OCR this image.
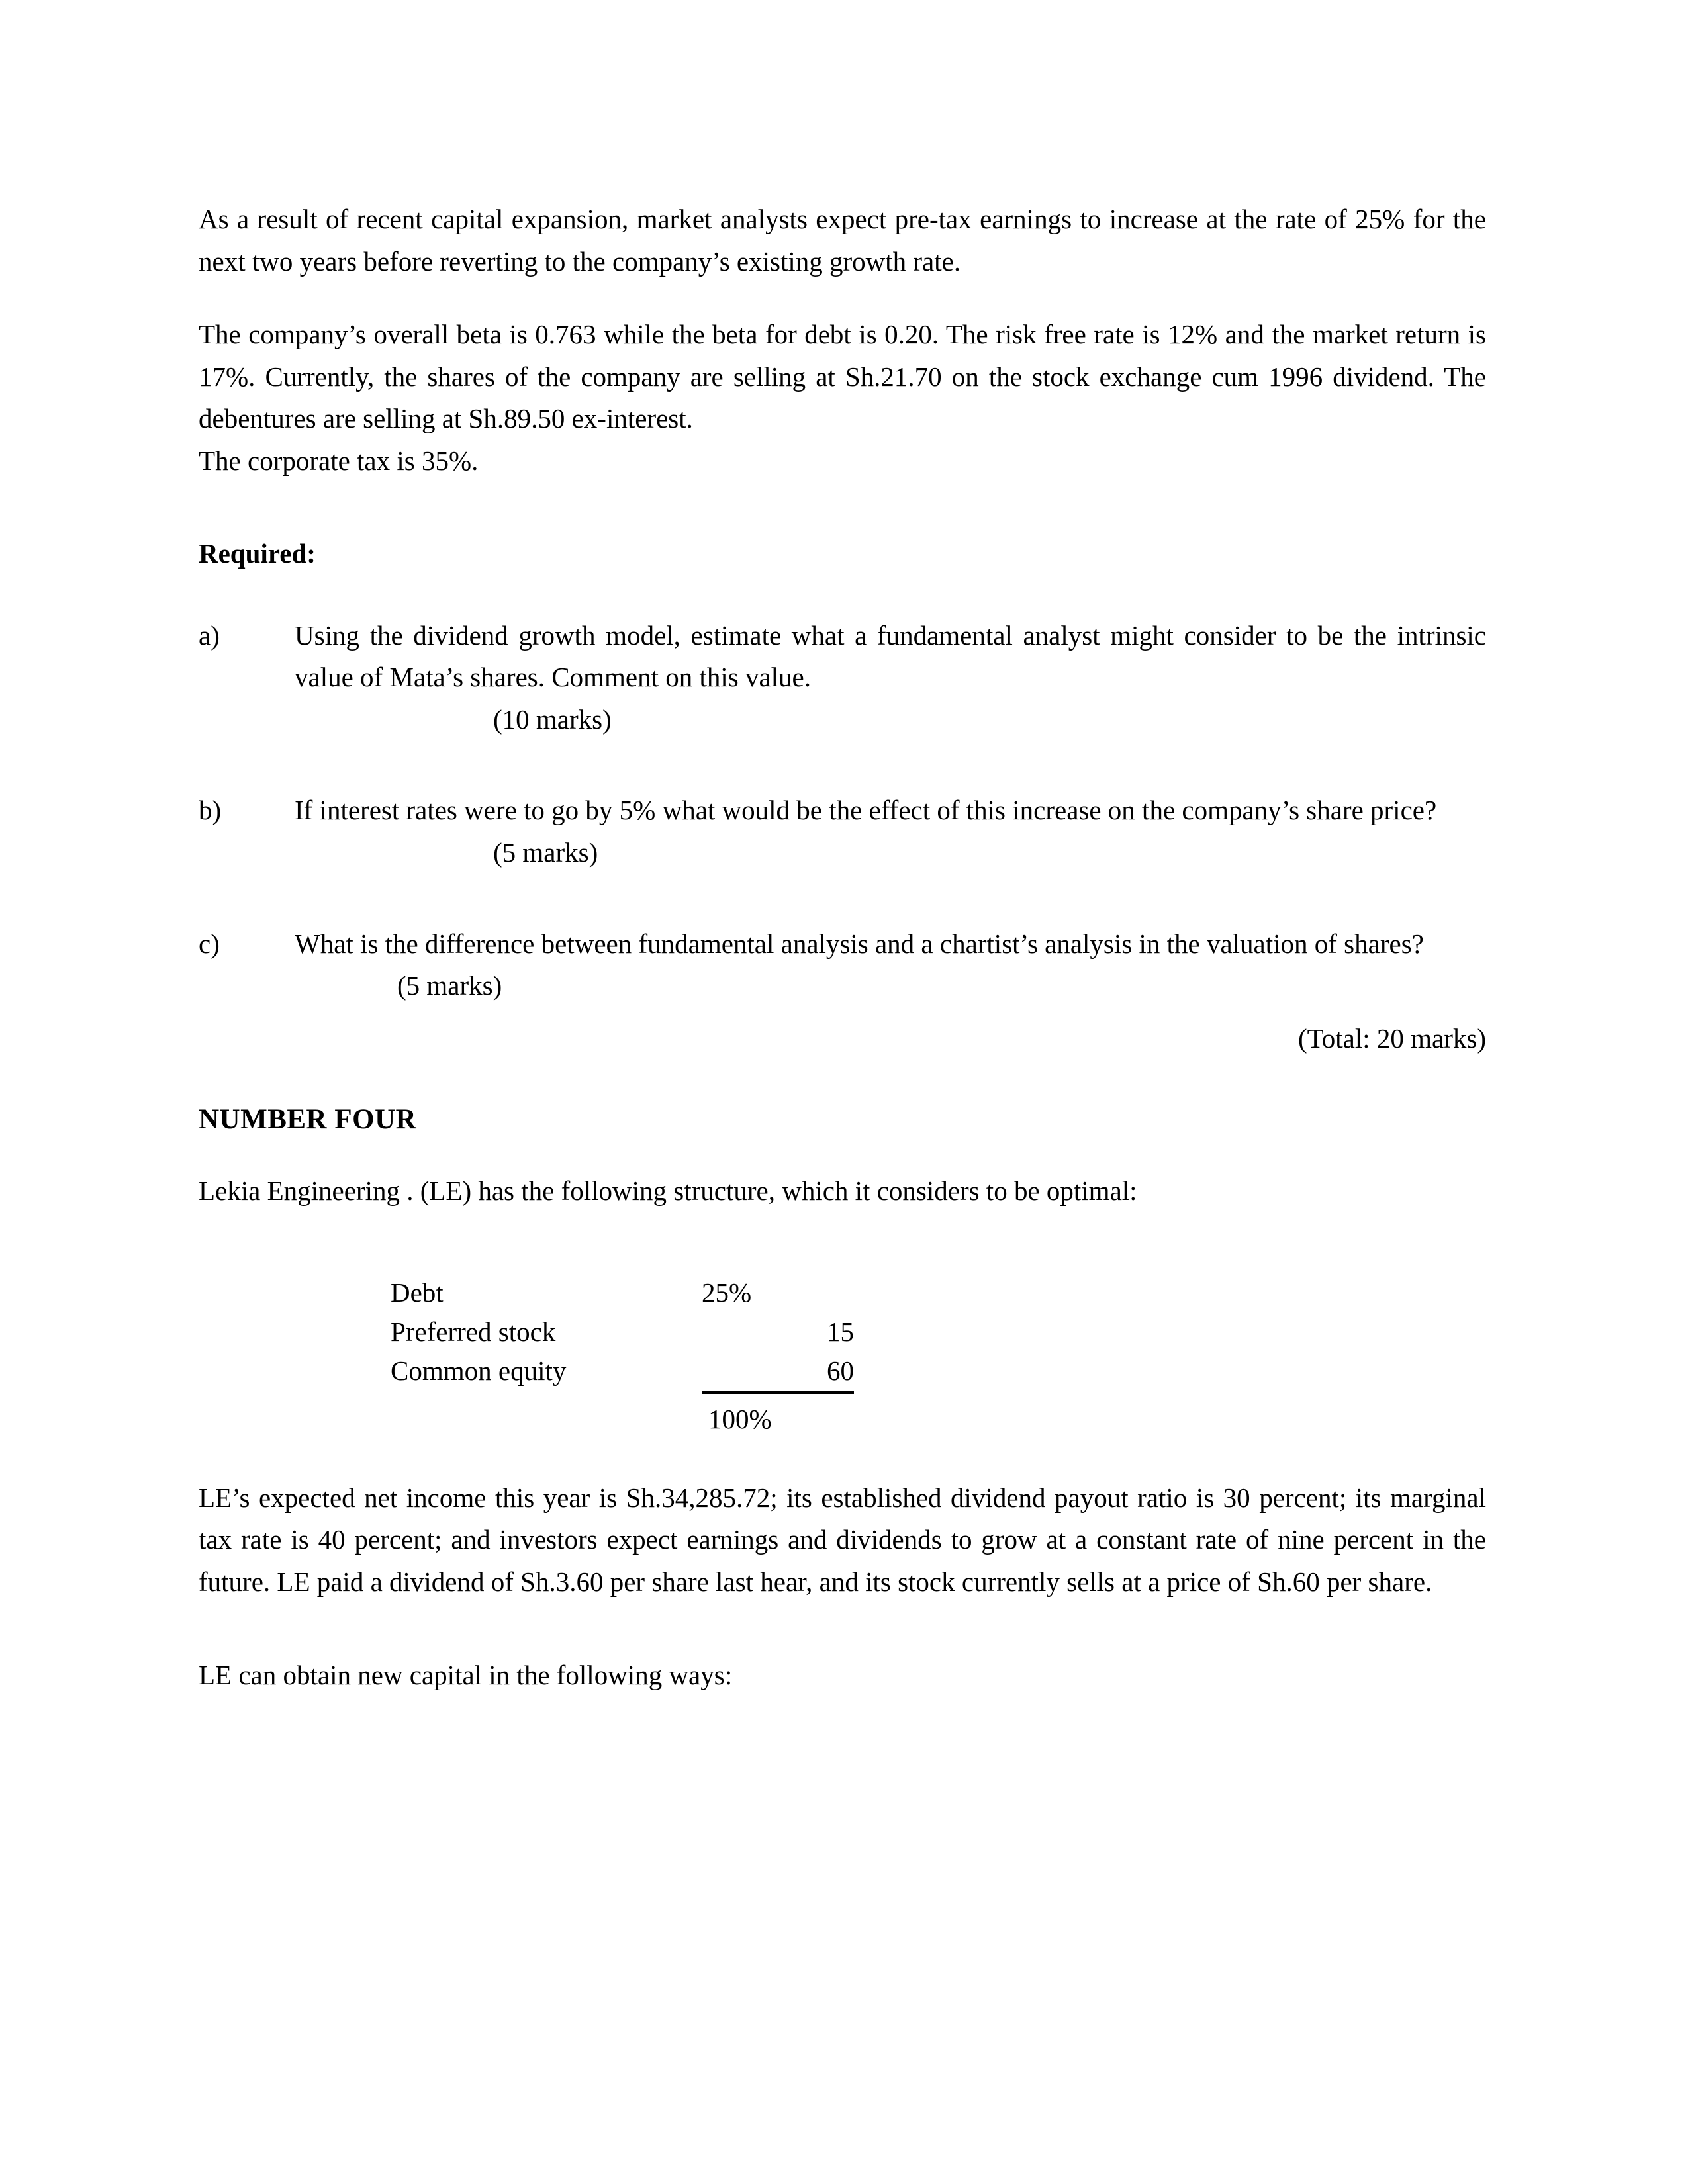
As a result of recent capital expansion, market analysts expect pre-tax earnings to increase at the rate of 25% for the next two years before reverting to the company’s existing growth rate.

The company’s overall beta is 0.763 while the beta for debt is 0.20. The risk free rate is 12% and the market return is 17%. Currently, the shares of the company are selling at Sh.21.70 on the stock exchange cum 1996 dividend. The debentures are selling at Sh.89.50 ex-interest.

The corporate tax is 35%.

Required:

a)	Using the dividend growth model, estimate what a fundamental analyst might consider to be the intrinsic value of Mata’s shares. Comment on this value.

(10 marks)

b)	If interest rates were to go by 5% what would be the effect of this increase on the company’s share price?

(5 marks)

c)	What is the difference between fundamental analysis and a chartist’s analysis in the valuation of shares?

(5 marks)

(Total: 20 marks)

NUMBER FOUR

Lekia Engineering . (LE) has the following structure, which it considers to be optimal:

Debt	25%
Preferred stock	15
Common equity	60
	100%

LE’s expected net income this year is Sh.34,285.72; its established dividend payout ratio is 30 percent; its marginal tax rate is 40 percent; and investors expect earnings and dividends to grow at a constant rate of nine percent in the future. LE paid a dividend of Sh.3.60 per share last hear, and its stock currently sells at a price of Sh.60 per share.

LE can obtain new capital in the following ways:
